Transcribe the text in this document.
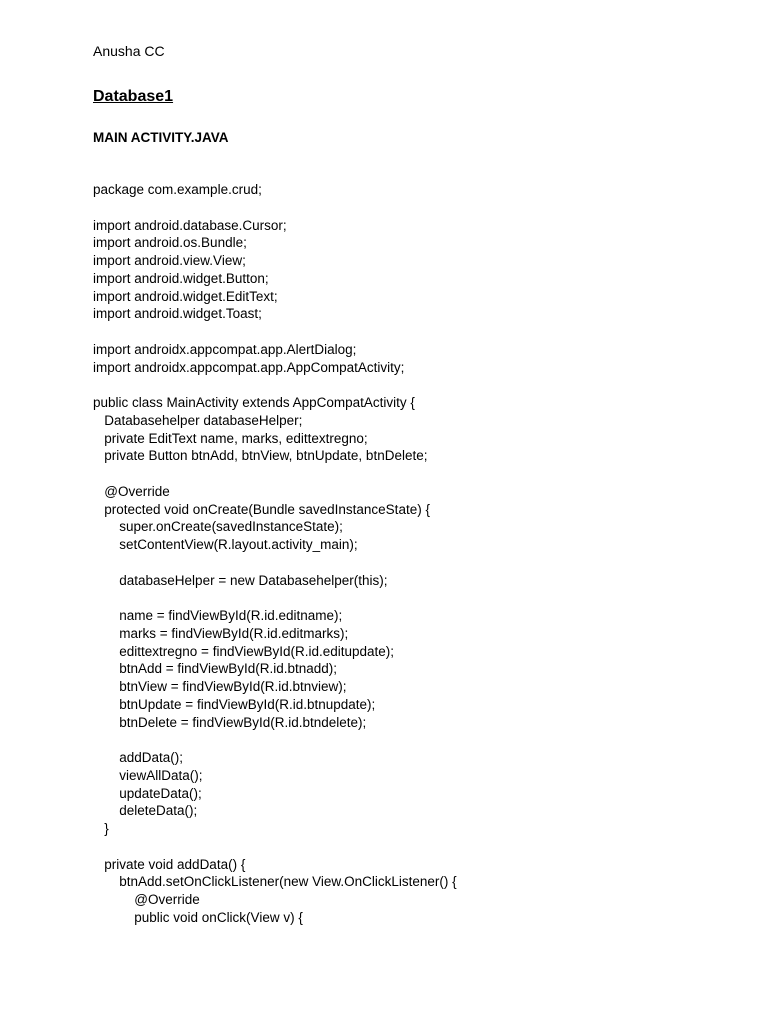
Anusha CC
Database1
MAIN ACTIVITY.JAVA
package com.example.crud;
import android.database.Cursor;
import android.os.Bundle;
import android.view.View;
import android.widget.Button;
import android.widget.EditText;
import android.widget.Toast;
import androidx.appcompat.app.AlertDialog;
import androidx.appcompat.app.AppCompatActivity;
public class MainActivity extends AppCompatActivity {
Databasehelper databaseHelper;
private EditText name, marks, edittextregno;
private Button btnAdd, btnView, btnUpdate, btnDelete;
@Override
protected void onCreate(Bundle savedInstanceState) {
super.onCreate(savedInstanceState);
setContentView(R.layout.activity_main);
databaseHelper = new Databasehelper(this);
name = findViewById(R.id.editname);
marks = findViewById(R.id.editmarks);
edittextregno = findViewById(R.id.editupdate);
btnAdd = findViewById(R.id.btnadd);
btnView = findViewById(R.id.btnview);
btnUpdate = findViewById(R.id.btnupdate);
btnDelete = findViewById(R.id.btndelete);
addData();
viewAllData();
updateData();
deleteData();
}
private void addData() {
btnAdd.setOnClickListener(new View.OnClickListener() {
@Override
public void onClick(View v) {
